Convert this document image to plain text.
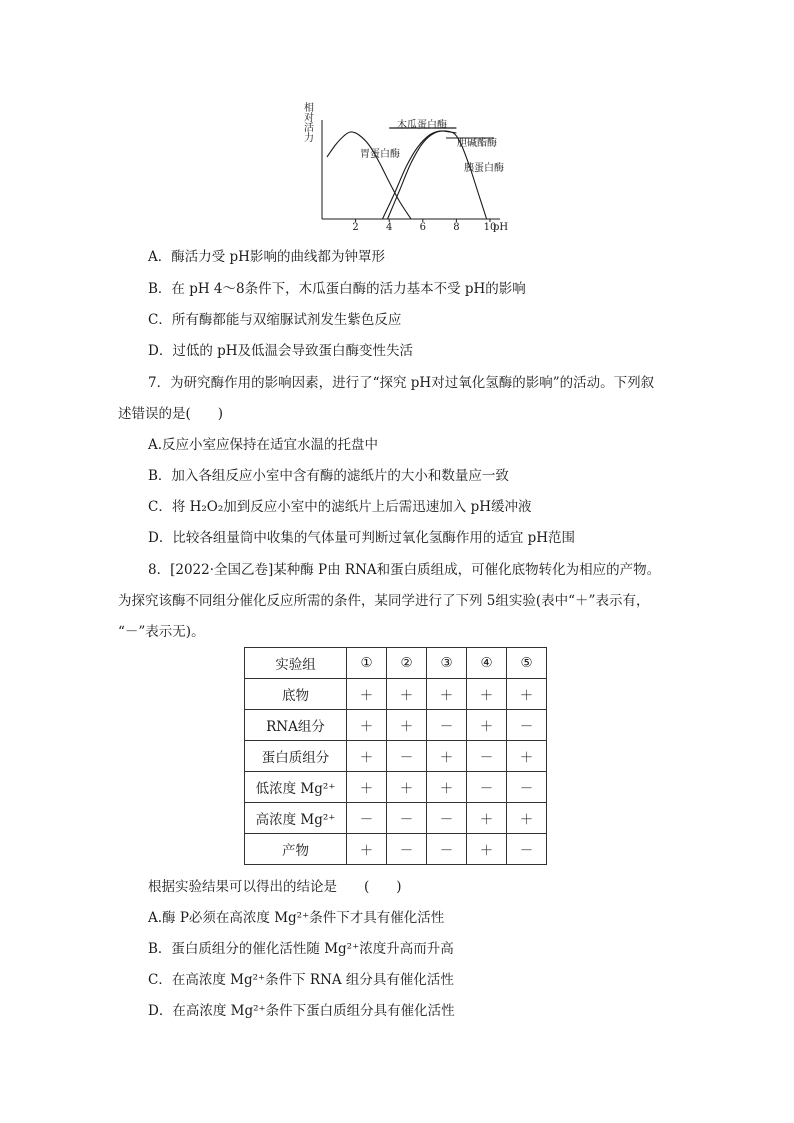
相
对
活
力
2	4	6	8 10
pH
胃蛋白酶
木瓜蛋白酶
胆碱酯酶
胰蛋白酶
A．酶活力受 pH影响的曲线都为钟罩形
B．在 pH 4～8条件下，木瓜蛋白酶的活力基本不受 pH的影响
C．所有酶都能与双缩脲试剂发生紫色反应
D．过低的 pH及低温会导致蛋白酶变性失活
7．为研究酶作用的影响因素，进行了“探究 pH对过氧化氢酶的影响”的活动。下列叙
述错误的是(　　)
A.反应小室应保持在适宜水温的托盘中
B．加入各组反应小室中含有酶的滤纸片的大小和数量应一致
C．将 H₂O₂加到反应小室中的滤纸片上后需迅速加入 pH缓冲液
D．比较各组量筒中收集的气体量可判断过氧化氢酶作用的适宜 pH范围
8．[2022·全国乙卷]某种酶 P由 RNA和蛋白质组成，可催化底物转化为相应的产物。
为探究该酶不同组分催化反应所需的条件，某同学进行了下列 5组实验(表中“＋”表示有，
“－”表示无)。
实验组	①	②	③	④	⑤
底物	＋	＋	＋	＋	＋
RNA组分	＋	＋	－	＋	－
蛋白质组分	＋	－	＋	－	＋
低浓度 Mg²⁺	＋	＋	＋	－	－
高浓度 Mg²⁺	－	－	－	＋	＋
产物	＋	－	－	＋	－
根据实验结果可以得出的结论是　　(　　)
A.酶 P必须在高浓度 Mg²⁺条件下才具有催化活性
B．蛋白质组分的催化活性随 Mg²⁺浓度升高而升高
C．在高浓度 Mg²⁺条件下 RNA 组分具有催化活性
D．在高浓度 Mg²⁺条件下蛋白质组分具有催化活性
